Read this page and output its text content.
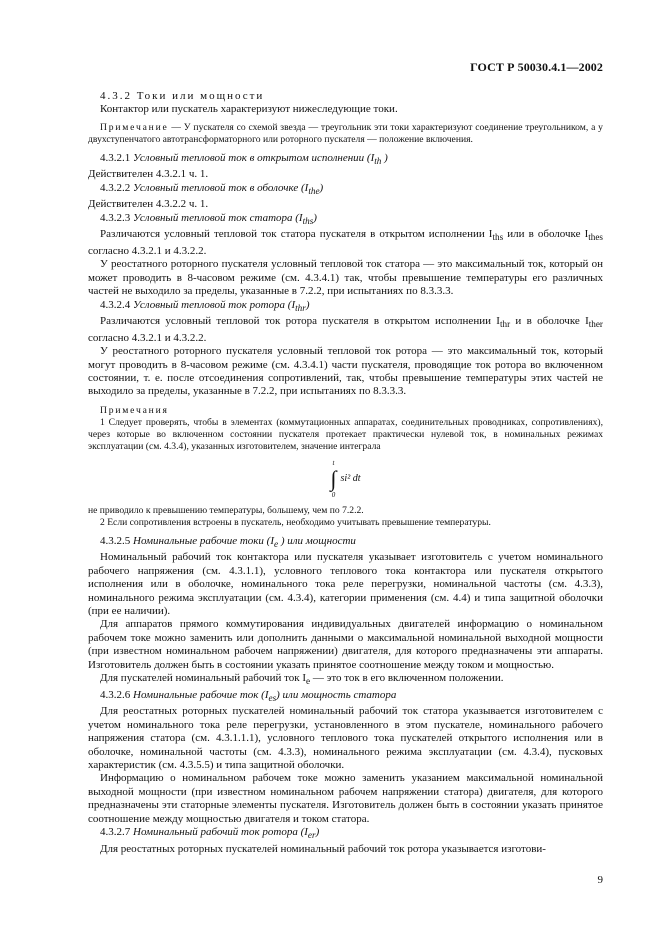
ГОСТ Р 50030.4.1—2002

4.3.2 Токи или мощности

Контактор или пускатель характеризуют нижеследующие токи.

Примечание — У пускателя со схемой звезда — треугольник эти токи характеризуют соединение треугольником, а у двухступенчатого автотрансформаторного или роторного пускателя — положение включения.

4.3.2.1 Условный тепловой ток в открытом исполнении ($I_{th}$ )

Действителен 4.3.2.1 ч. 1.

4.3.2.2 Условный тепловой ток в оболочке $(I_{the})$

Действителен 4.3.2.2 ч. 1.

4.3.2.3 Условный тепловой ток статора $(I_{ths})$

Различаются условный тепловой ток статора пускателя в открытом исполнении $I_{ths}$ или в оболочке $I_{thes}$ согласно 4.3.2.1 и 4.3.2.2.

У реостатного роторного пускателя условный тепловой ток статора — это максимальный ток, который он может проводить в 8-часовом режиме (см. 4.3.4.1) так, чтобы превышение температуры его различных частей не выходило за пределы, указанные в 7.2.2, при испытаниях по 8.3.3.3.

4.3.2.4 Условный тепловой ток ротора $(I_{thr})$

Различаются условный тепловой ток ротора пускателя в открытом исполнении $I_{thr}$ и в оболочке $I_{ther}$ согласно 4.3.2.1 и 4.3.2.2.

У реостатного роторного пускателя условный тепловой ток ротора — это максимальный ток, который могут проводить в 8-часовом режиме (см. 4.3.4.1) части пускателя, проводящие ток ротора во включенном состоянии, т. е. после отсоединения сопротивлений, так, чтобы превышение температуры этих частей не выходило за пределы, указанные в 7.2.2, при испытаниях по 8.3.3.3.

Примечания

1 Следует проверять, чтобы в элементах (коммутационных аппаратах, соединительных проводниках, сопротивлениях), через которые во включенном состоянии пускателя протекает практически нулевой ток, в номинальных режимах эксплуатации (см. 4.3.4), указанных изготовителем, значение интеграла

t
∫
0
si² dt

не приводило к превышению температуры, большему, чем по 7.2.2.

2 Если сопротивления встроены в пускатель, необходимо учитывать превышение температуры.

4.3.2.5 Номинальные рабочие токи ($I_e$ ) или мощности

Номинальный рабочий ток контактора или пускателя указывает изготовитель с учетом номинального рабочего напряжения (см. 4.3.1.1), условного теплового тока контактора или пускателя открытого исполнения или в оболочке, номинального тока реле перегрузки, номинальной частоты (см. 4.3.3), номинального режима эксплуатации (см. 4.3.4), категории применения (см. 4.4) и типа защитной оболочки (при ее наличии).

Для аппаратов прямого коммутирования индивидуальных двигателей информацию о номинальном рабочем токе можно заменить или дополнить данными о максимальной номинальной выходной мощности (при известном номинальном рабочем напряжении) двигателя, для которого предназначены эти аппараты. Изготовитель должен быть в состоянии указать принятое соотношение между током и мощностью.

Для пускателей номинальный рабочий ток $I_e$ — это ток в его включенном положении.

4.3.2.6 Номинальные рабочие ток $(I_{es})$ или мощность статора

Для реостатных роторных пускателей номинальный рабочий ток статора указывается изготовителем с учетом номинального тока реле перегрузки, установленного в этом пускателе, номинального рабочего напряжения статора (см. 4.3.1.1.1), условного теплового тока пускателей открытого исполнения или в оболочке, номинальной частоты (см. 4.3.3), номинального режима эксплуатации (см. 4.3.4), пусковых характеристик (см. 4.3.5.5) и типа защитной оболочки.

Информацию о номинальном рабочем токе можно заменить указанием максимальной номинальной выходной мощности (при известном номинальном рабочем напряжении статора) двигателя, для которого предназначены эти статорные элементы пускателя. Изготовитель должен быть в состоянии указать принятое соотношение между мощностью двигателя и током статора.

4.3.2.7 Номинальный рабочий ток ротора $(I_{er})$

Для реостатных роторных пускателей номинальный рабочий ток ротора указывается изготови-

9
